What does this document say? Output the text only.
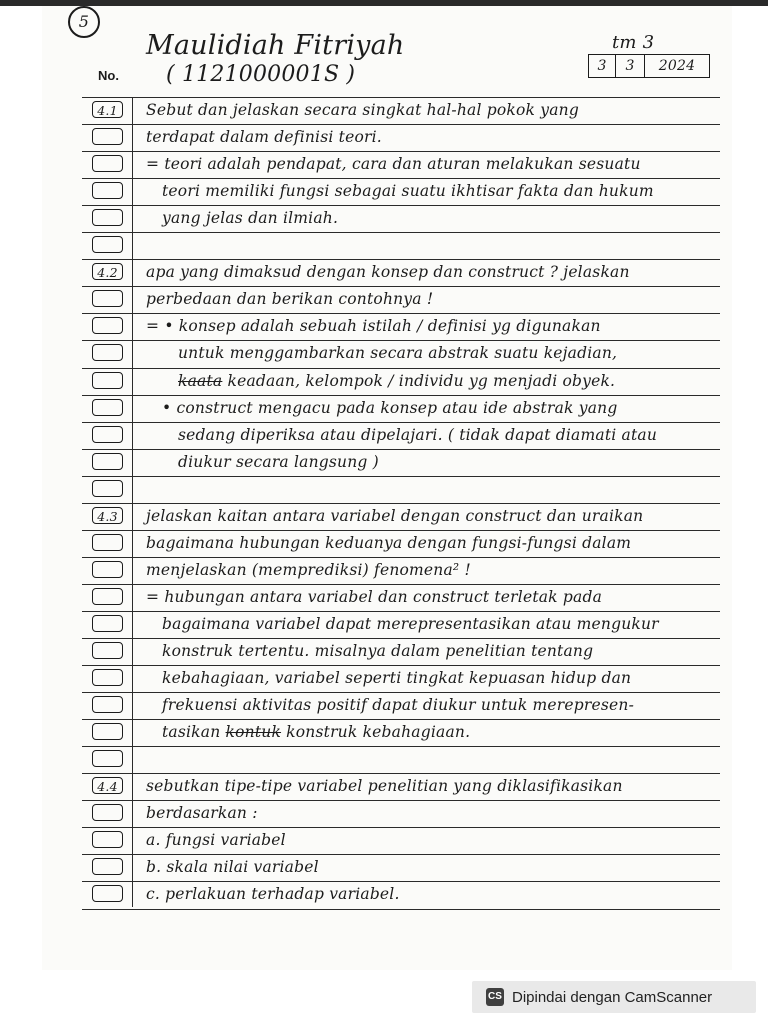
5
Maulidiah Fitriyah
( 1121000001S )
No.
tm 3
3	3	2024
4.1	Sebut dan jelaskan secara singkat hal-hal pokok yang
terdapat dalam definisi teori.
= teori adalah pendapat, cara dan aturan melakukan sesuatu
teori memiliki fungsi sebagai suatu ikhtisar fakta dan hukum
yang jelas dan ilmiah.
4.2	apa yang dimaksud dengan konsep dan construct ? jelaskan
perbedaan dan berikan contohnya !
= • konsep adalah sebuah istilah / definisi yg digunakan
untuk menggambarkan secara abstrak suatu kejadian,
kaata keadaan, kelompok / individu yg menjadi obyek.
• construct mengacu pada konsep atau ide abstrak yang
sedang diperiksa atau dipelajari. ( tidak dapat diamati atau
diukur secara langsung )
4.3	jelaskan kaitan antara variabel dengan construct dan uraikan
bagaimana hubungan keduanya dengan fungsi-fungsi dalam
menjelaskan (memprediksi) fenomena² !
= hubungan antara variabel dan construct terletak pada
bagaimana variabel dapat merepresentasikan atau mengukur
konstruk tertentu. misalnya dalam penelitian tentang
kebahagiaan, variabel seperti tingkat kepuasan hidup dan
frekuensi aktivitas positif dapat diukur untuk merepresen-
tasikan kontuk konstruk kebahagiaan.
4.4	sebutkan tipe-tipe variabel penelitian yang diklasifikasikan
berdasarkan :
a. fungsi variabel
b. skala nilai variabel
c. perlakuan terhadap variabel.
CS Dipindai dengan CamScanner
